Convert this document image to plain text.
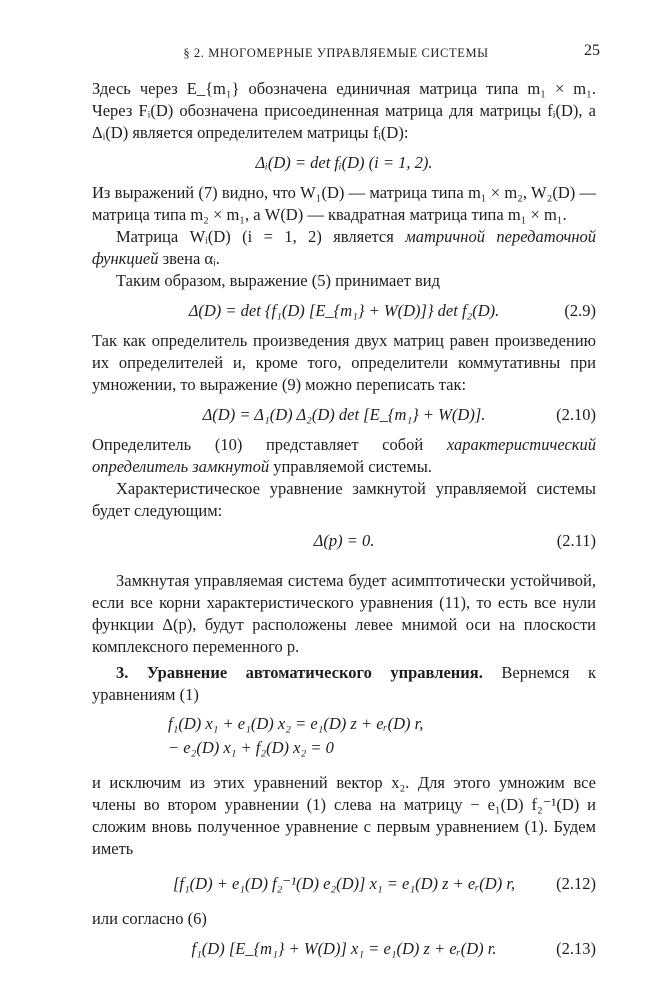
§ 2. МНОГОМЕРНЫЕ УПРАВЛЯЕМЫЕ СИСТЕМЫ	25

Здесь через E_{m₁} обозначена единичная матрица типа m₁ × m₁. Через Fᵢ(D) обозначена присоединенная матрица для матрицы fᵢ(D), а Δᵢ(D) является определителем матрицы fᵢ(D):

Δᵢ(D) = det fᵢ(D) (i = 1, 2).

Из выражений (7) видно, что W₁(D) — матрица типа m₁ × m₂, W₂(D) — матрица типа m₂ × m₁, а W(D) — квадратная матрица типа m₁ × m₁.

Матрица Wᵢ(D) (i = 1, 2) является матричной передаточной функцией звена αᵢ.

Таким образом, выражение (5) принимает вид

Δ(D) = det {f₁(D) [E_{m₁} + W(D)]} det f₂(D).	(2.9)

Так как определитель произведения двух матриц равен произведению их определителей и, кроме того, определители коммутативны при умножении, то выражение (9) можно переписать так:

Δ(D) = Δ₁(D) Δ₂(D) det [E_{m₁} + W(D)].	(2.10)

Определитель (10) представляет собой характеристический определитель замкнутой управляемой системы.

Характеристическое уравнение замкнутой управляемой системы будет следующим:

Δ(p) = 0.	(2.11)

Замкнутая управляемая система будет асимптотически устойчивой, если все корни характеристического уравнения (11), то есть все нули функции Δ(p), будут расположены левее мнимой оси на плоскости комплексного переменного p.

3. Уравнение автоматического управления. Вернемся к уравнениям (1)

f₁(D) x₁ + e₁(D) x₂ = e₁(D) z + eᵣ(D) r,
− e₂(D) x₁ + f₂(D) x₂ = 0

и исключим из этих уравнений вектор x₂. Для этого умножим все члены во втором уравнении (1) слева на матрицу − e₁(D) f₂⁻¹(D) и сложим вновь полученное уравнение с первым уравнением (1). Будем иметь

[f₁(D) + e₁(D) f₂⁻¹(D) e₂(D)] x₁ = e₁(D) z + eᵣ(D) r, (2.12)

или согласно (6)

f₁(D) [E_{m₁} + W(D)] x₁ = e₁(D) z + eᵣ(D) r.	(2.13)
